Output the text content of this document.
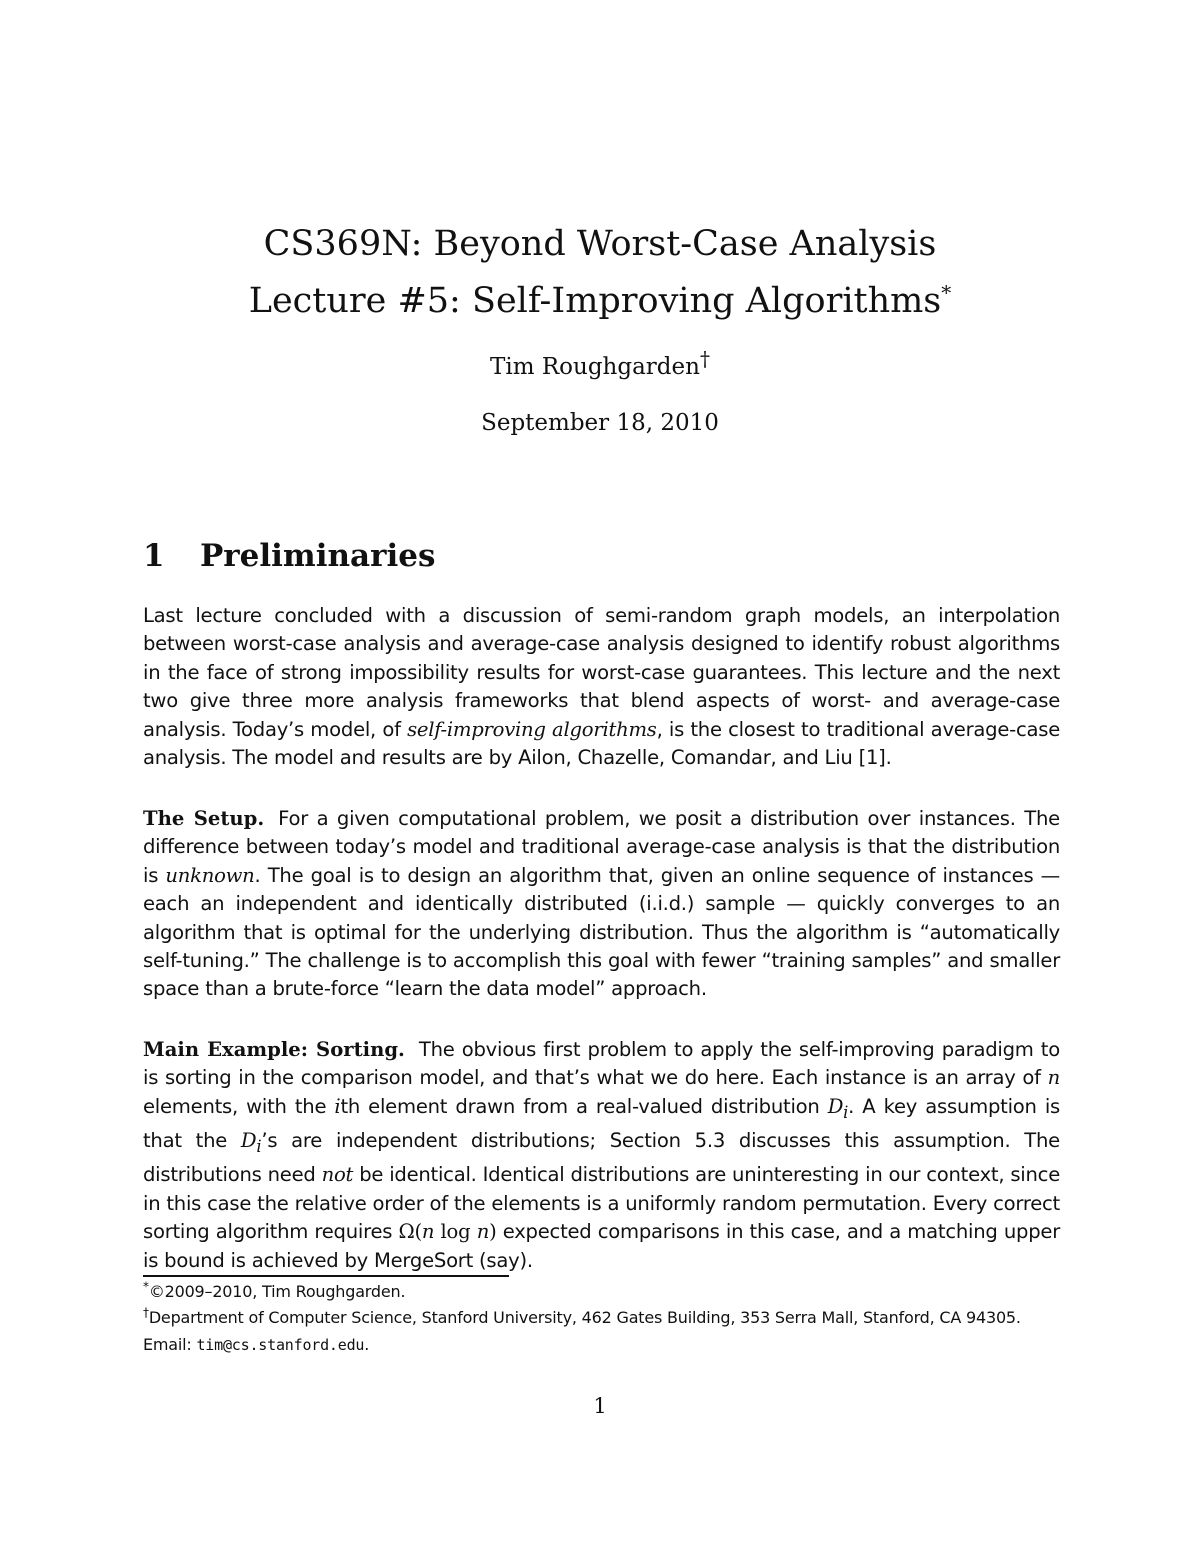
CS369N: Beyond Worst-Case Analysis

Lecture #5: Self-Improving Algorithms*

Tim Roughgarden†
September 18, 2010
1 Preliminaries

Last lecture concluded with a discussion of semi-random graph models, an interpolation between worst-case analysis and average-case analysis designed to identify robust algorithms in the face of strong impossibility results for worst-case guarantees. This lecture and the next two give three more analysis frameworks that blend aspects of worst- and average-case analysis. Today’s model, of self-improving algorithms, is the closest to traditional average-case analysis. The model and results are by Ailon, Chazelle, Comandar, and Liu [1].

The Setup. For a given computational problem, we posit a distribution over instances. The difference between today’s model and traditional average-case analysis is that the distribution is unknown. The goal is to design an algorithm that, given an online sequence of instances — each an independent and identically distributed (i.i.d.) sample — quickly converges to an algorithm that is optimal for the underlying distribution. Thus the algorithm is “automatically self-tuning.” The challenge is to accomplish this goal with fewer “training samples” and smaller space than a brute-force “learn the data model” approach.

Main Example: Sorting. The obvious first problem to apply the self-improving paradigm to is sorting in the comparison model, and that’s what we do here. Each instance is an array of n elements, with the ith element drawn from a real-valued distribution $D_i$. A key assumption is that the $D_i’s$ are independent distributions; Section 5.3 discusses this assumption. The distributions need not be identical. Identical distributions are uninteresting in our context, since in this case the relative order of the elements is a uniformly random permutation. Every correct sorting algorithm requires Ω(n log n) expected comparisons in this case, and a matching upper is bound is achieved by MergeSort (say).

*©2009–2010, Tim Roughgarden.

†Department of Computer Science, Stanford University, 462 Gates Building, 353 Serra Mall, Stanford, CA 94305. Email: tim@cs.stanford.edu.

1
